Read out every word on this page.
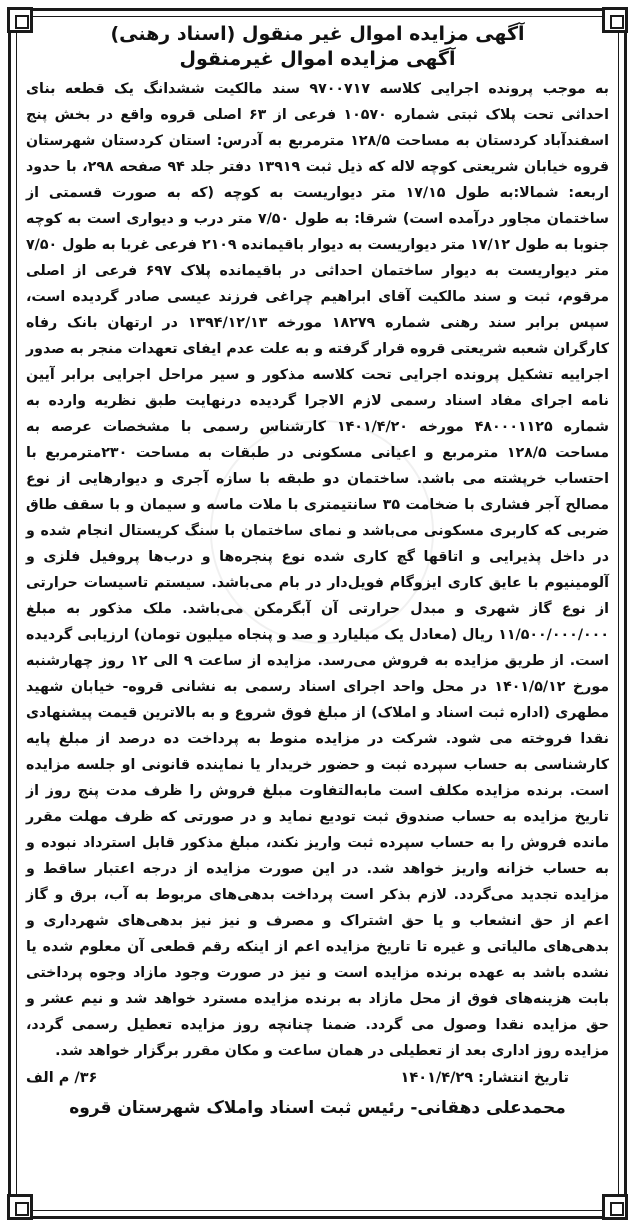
آگهی مزایده اموال غیر منقول (اسناد رهنی)
آگهی مزایده اموال غیرمنقول

به موجب پرونده اجرایی کلاسه ۹۷۰۰۷۱۷ سند مالکیت ششدانگ یک قطعه بنای احداثی تحت پلاک ثبتی شماره ۱۰۵۷۰ فرعی از ۶۳ اصلی قروه واقع در بخش پنج اسفندآباد کردستان به مساحت ۱۲۸/۵ مترمربع به آدرس: استان کردستان شهرستان قروه خیابان شریعتی کوچه لاله که ذیل ثبت ۱۳۹۱۹ دفتر جلد ۹۴ صفحه ۲۹۸، با حدود اربعه: شمالا:به طول ۱۷/۱۵ متر دیواریست به کوچه (که به صورت قسمتی از ساختمان مجاور درآمده است) شرقا: به طول ۷/۵۰ متر درب و دیواری است به کوچه جنوبا به طول ۱۷/۱۲ متر دیواریست به دیوار باقیمانده ۲۱۰۹ فرعی غربا به طول ۷/۵۰ متر دیواریست به دیوار ساختمان احداثی در باقیمانده پلاک ۶۹۷ فرعی از اصلی مرقوم، ثبت و سند مالکیت آقای ابراهیم چراغی فرزند عیسی صادر گردیده است، سپس برابر سند رهنی شماره ۱۸۲۷۹ مورخه ۱۳۹۴/۱۲/۱۳ در ارتهان بانک رفاه کارگران شعبه شریعتی قروه قرار گرفته و به علت عدم ایفای تعهدات منجر به صدور اجراییه تشکیل پرونده اجرایی تحت کلاسه مذکور و سیر مراحل اجرایی برابر آیین نامه اجرای مفاد اسناد رسمی لازم الاجرا گردیده درنهایت طبق نظریه وارده به شماره ۴۸۰۰۰۱۱۲۵ مورخه ۱۴۰۱/۴/۲۰ کارشناس رسمی با مشخصات عرصه به مساحت ۱۲۸/۵ مترمربع و اعیانی مسکونی در طبقات به مساحت ۲۳۰مترمربع با احتساب خرپشته می باشد. ساختمان دو طبقه با سازه آجری و دیوارهایی از نوع مصالح آجر فشاری با ضخامت ۳۵ سانتیمتری با ملات ماسه و سیمان و با سقف طاق ضربی که کاربری مسکونی می‌باشد و نمای ساختمان با سنگ کریستال انجام شده و در داخل پذیرایی و اتاقها گچ کاری شده نوع پنجره‌ها و درب‌ها پروفیل فلزی و آلومینیوم با عایق کاری ایزوگام فویل‌دار در بام می‌باشد. سیستم تاسیسات حرارتی از نوع گاز شهری و مبدل حرارتی آن آبگرمکن می‌باشد. ملک مذکور به مبلغ ۱۱/۵۰۰/۰۰۰/۰۰۰ ریال (معادل یک میلیارد و صد و پنجاه میلیون تومان) ارزیابی گردیده است. از طریق مزایده به فروش می‌رسد. مزایده از ساعت ۹ الی ۱۲ روز چهارشنبه مورخ ۱۴۰۱/۵/۱۲ در محل واحد اجرای اسناد رسمی به نشانی قروه- خیابان شهید مطهری (اداره ثبت اسناد و املاک) از مبلغ فوق شروع و به بالاترین قیمت پیشنهادی نقدا فروخته می شود. شرکت در مزایده منوط به پرداخت ده درصد از مبلغ پایه کارشناسی به حساب سپرده ثبت و حضور خریدار یا نماینده قانونی او جلسه مزایده است. برنده مزایده مکلف است مابه‌التفاوت مبلغ فروش را ظرف مدت پنج روز از تاریخ مزایده به حساب صندوق ثبت تودیع نماید و در صورتی که ظرف مهلت مقرر مانده فروش را به حساب سپرده ثبت واریز نکند، مبلغ مذکور قابل استرداد نبوده و به حساب خزانه واریز خواهد شد. در این صورت مزایده از درجه اعتبار ساقط و مزایده تجدید می‌گردد. لازم بذکر است پرداخت بدهی‌های مربوط به آب، برق و گاز اعم از حق انشعاب و یا حق اشتراک و مصرف و نیز نیز بدهی‌های شهرداری و بدهی‌های مالیاتی و غیره تا تاریخ مزایده اعم از اینکه رقم قطعی آن معلوم شده یا نشده باشد به عهده برنده مزایده است و نیز در صورت وجود مازاد وجوه پرداختی بابت هزینه‌های فوق از محل مازاد به برنده مزایده مسترد خواهد شد و نیم عشر و حق مزایده نقدا وصول می گردد. ضمنا چنانچه روز مزایده تعطیل رسمی گردد، مزایده روز اداری بعد از تعطیلی در همان ساعت و مکان مقرر برگزار خواهد شد.

تاریخ انتشار: ۱۴۰۱/۴/۲۹
۳۶/ م الف
محمدعلی دهقانی- رئیس ثبت اسناد واملاک شهرستان قروه
